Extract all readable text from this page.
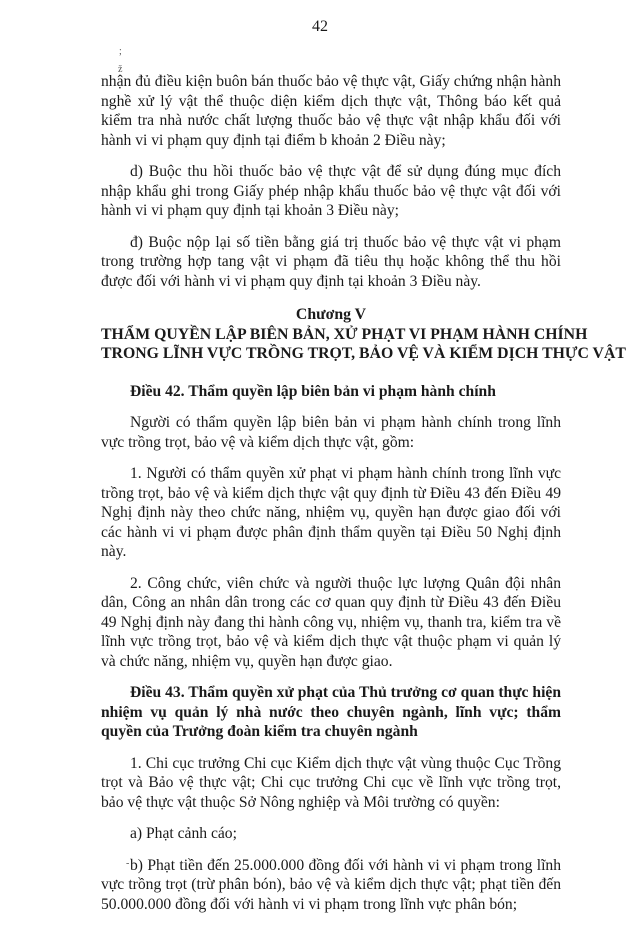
42
;
ž
-

nhận đủ điều kiện buôn bán thuốc bảo vệ thực vật, Giấy chứng nhận hành nghề xử lý vật thể thuộc diện kiểm dịch thực vật, Thông báo kết quả kiểm tra nhà nước chất lượng thuốc bảo vệ thực vật nhập khẩu đối với hành vi vi phạm quy định tại điểm b khoản 2 Điều này;

d) Buộc thu hồi thuốc bảo vệ thực vật để sử dụng đúng mục đích nhập khẩu ghi trong Giấy phép nhập khẩu thuốc bảo vệ thực vật đối với hành vi vi phạm quy định tại khoản 3 Điều này;

đ) Buộc nộp lại số tiền bằng giá trị thuốc bảo vệ thực vật vi phạm trong trường hợp tang vật vi phạm đã tiêu thụ hoặc không thể thu hồi được đối với hành vi vi phạm quy định tại khoản 3 Điều này.

Chương V
THẨM QUYỀN LẬP BIÊN BẢN, XỬ PHẠT VI PHẠM HÀNH CHÍNH
TRONG LĨNH VỰC TRỒNG TRỌT, BẢO VỆ VÀ KIỂM DỊCH THỰC VẬT
Điều 42. Thẩm quyền lập biên bản vi phạm hành chính

Người có thẩm quyền lập biên bản vi phạm hành chính trong lĩnh vực trồng trọt, bảo vệ và kiểm dịch thực vật, gồm:

1. Người có thẩm quyền xử phạt vi phạm hành chính trong lĩnh vực trồng trọt, bảo vệ và kiểm dịch thực vật quy định từ Điều 43 đến Điều 49 Nghị định này theo chức năng, nhiệm vụ, quyền hạn được giao đối với các hành vi vi phạm được phân định thẩm quyền tại Điều 50 Nghị định này.

2. Công chức, viên chức và người thuộc lực lượng Quân đội nhân dân, Công an nhân dân trong các cơ quan quy định từ Điều 43 đến Điều 49 Nghị định này đang thi hành công vụ, nhiệm vụ, thanh tra, kiểm tra về lĩnh vực trồng trọt, bảo vệ và kiểm dịch thực vật thuộc phạm vi quản lý và chức năng, nhiệm vụ, quyền hạn được giao.

Điều 43. Thẩm quyền xử phạt của Thủ trưởng cơ quan thực hiện nhiệm vụ quản lý nhà nước theo chuyên ngành, lĩnh vực; thẩm quyền của Trưởng đoàn kiểm tra chuyên ngành

1. Chi cục trưởng Chi cục Kiểm dịch thực vật vùng thuộc Cục Trồng trọt và Bảo vệ thực vật; Chi cục trưởng Chi cục về lĩnh vực trồng trọt, bảo vệ thực vật thuộc Sở Nông nghiệp và Môi trường có quyền:

a) Phạt cảnh cáo;

b) Phạt tiền đến 25.000.000 đồng đối với hành vi vi phạm trong lĩnh vực trồng trọt (trừ phân bón), bảo vệ và kiểm dịch thực vật; phạt tiền đến 50.000.000 đồng đối với hành vi vi phạm trong lĩnh vực phân bón;
